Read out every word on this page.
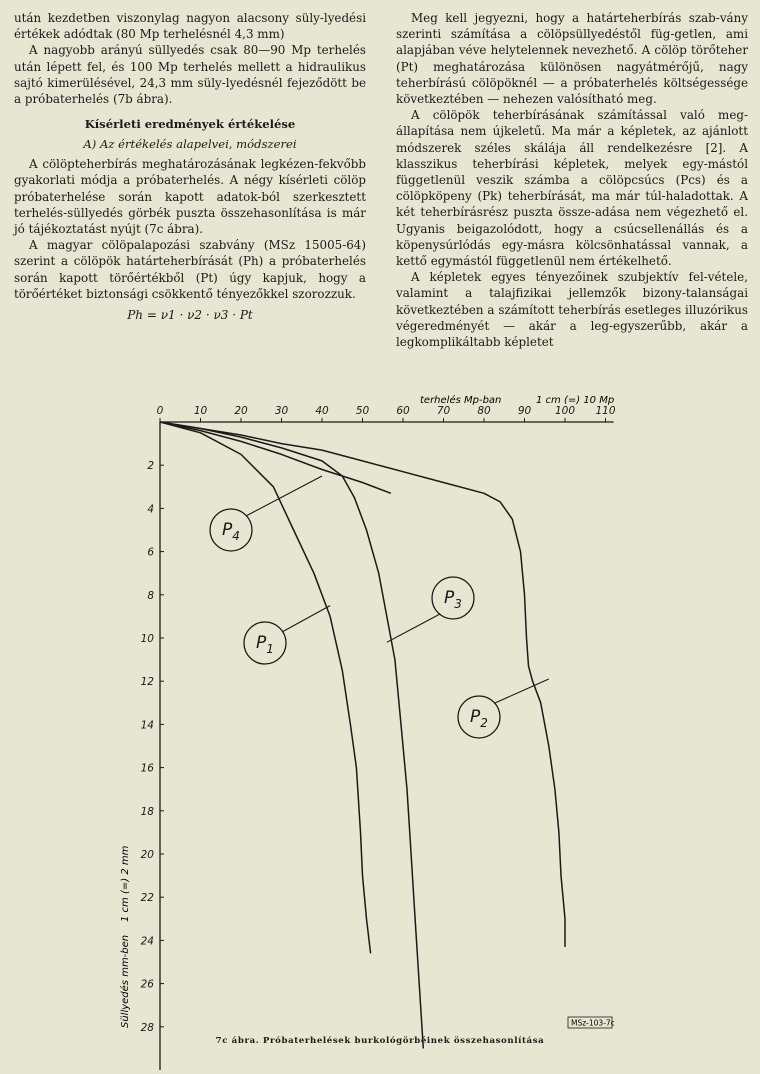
után kezdetben viszonylag nagyon alacsony süly-lyedési értékek adódtak (80 Mp terhelésnél 4,3 mm)

A nagyobb arányú süllyedés csak 80—90 Mp terhelés után lépett fel, és 100 Mp terhelés mellett a hidraulikus sajtó kimerülésével, 24,3 mm süly-lyedésnél fejeződött be a próbaterhelés (7b ábra).

Kísérleti eredmények értékelése
A) Az értékelés alapelvei, módszerei

A cölöpteherbírás meghatározásának legkézen-fekvőbb gyakorlati módja a próbaterhelés. A négy kísérleti cölöp próbaterhelése során kapott adatok-ból szerkesztett terhelés-süllyedés görbék puszta összehasonlítása is már jó tájékoztatást nyújt (7c ábra).

A magyar cölöpalapozási szabvány (MSz 15005-64) szerint a cölöpök határteherbírását (Ph) a próbaterhelés során kapott törőértékből (Pt) úgy kapjuk, hogy a törőértéket biztonsági csökkentő tényezőkkel szorozzuk.

Ph = ν1 · ν2 · ν3 · Pt

Meg kell jegyezni, hogy a határteherbírás szab-vány szerinti számítása a cölöpsüllyedéstől füg-getlen, ami alapjában véve helytelennek nevezhető. A cölöp törőteher (Pt) meghatározása különösen nagyátmérőjű, nagy teherbírású cölöpöknél — a próbaterhelés költségessége következtében — nehezen valósítható meg.

A cölöpök teherbírásának számítással való meg-állapítása nem újkeletű. Ma már a képletek, az ajánlott módszerek széles skálája áll rendelkezésre [2]. A klasszikus teherbírási képletek, melyek egy-mástól függetlenül veszik számba a cölöpcsúcs (Pcs) és a cölöpköpeny (Pk) teherbírását, ma már túl-haladottak. A két teherbírásrész puszta össze-adása nem végezhető el. Ugyanis beigazolódott, hogy a csúcsellenállás és a köpenysúrlódás egy-másra kölcsönhatással vannak, a kettő egymástól függetlenül nem értékelhető.

A képletek egyes tényezőinek szubjektív fel-vétele, valamint a talajfizikai jellemzők bizony-talanságai következtében a számított teherbírás esetleges illuzórikus végeredményét — akár a leg-egyszerűbb, akár a legkomplikáltabb képletet

0	10	20	30	40	50	60	70	80	90 100 110
2
4
6
8
10
12
14
16
18
20
22
24
26
28
$P_1$
$P_2$
$P_3$
$P_4$
terhelés Mp-ban	1 cm (=) 10 Mp
Süllyedés mm-ben
1 cm (=) 2 mm
MSz-103-7c
7c ábra. Próbaterhelések burkológörbéinek összehasonlítása
